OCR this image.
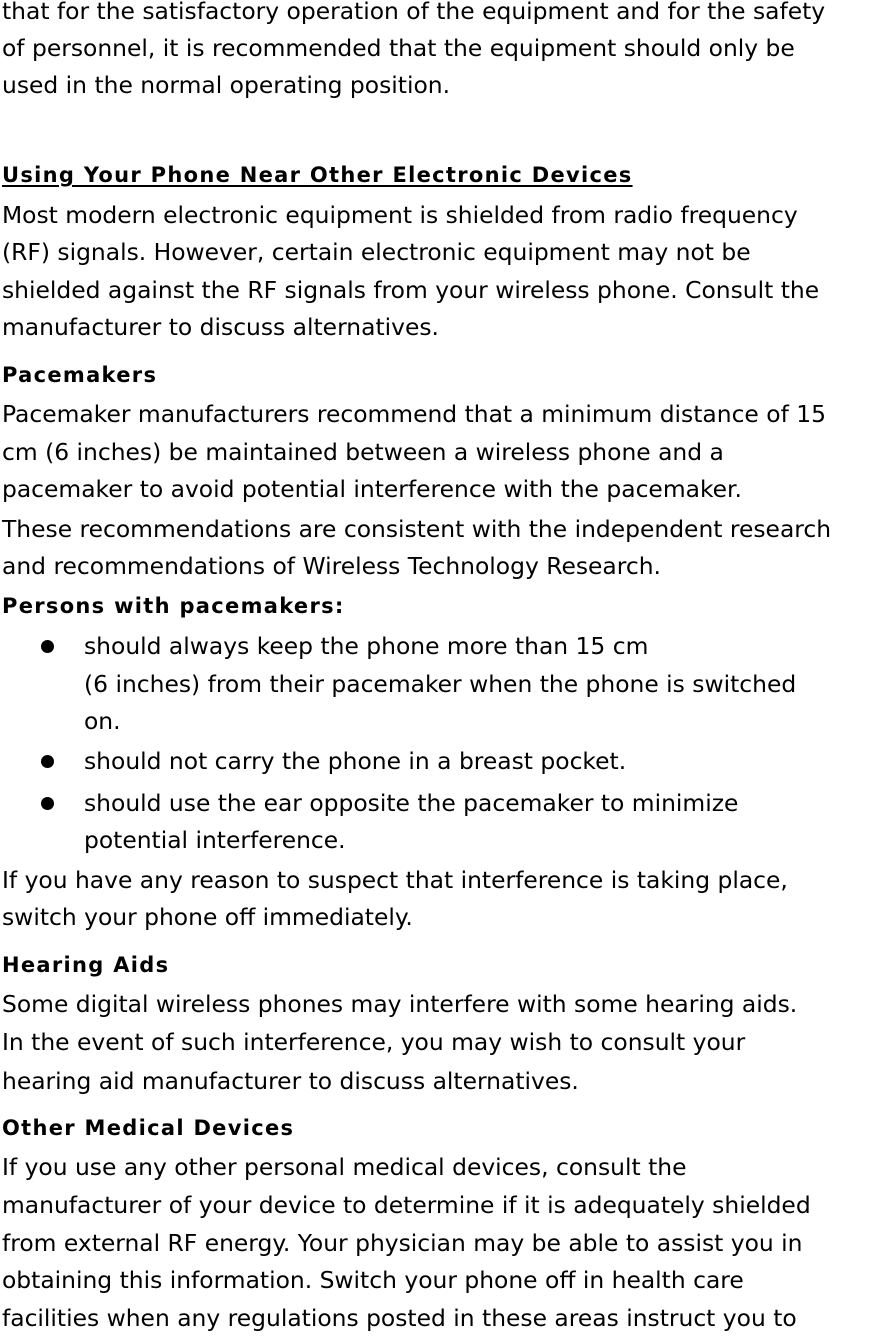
that for the satisfactory operation of the equipment and for the safety

of personnel, it is recommended that the equipment should only be

used in the normal operating position.

Using Your Phone Near Other Electronic Devices

Most modern electronic equipment is shielded from radio frequency

(RF) signals. However, certain electronic equipment may not be

shielded against the RF signals from your wireless phone. Consult the

manufacturer to discuss alternatives.

Pacemakers

Pacemaker manufacturers recommend that a minimum distance of 15

cm (6 inches) be maintained between a wireless phone and a

pacemaker to avoid potential interference with the pacemaker.

These recommendations are consistent with the independent research

and recommendations of Wireless Technology Research.

Persons with pacemakers:

should always keep the phone more than 15 cm

(6 inches) from their pacemaker when the phone is switched

on.

should not carry the phone in a breast pocket.

should use the ear opposite the pacemaker to minimize

potential interference.

If you have any reason to suspect that interference is taking place,

switch your phone off immediately.

Hearing Aids

Some digital wireless phones may interfere with some hearing aids.

In the event of such interference, you may wish to consult your

hearing aid manufacturer to discuss alternatives.

Other Medical Devices

If you use any other personal medical devices, consult the

manufacturer of your device to determine if it is adequately shielded

from external RF energy. Your physician may be able to assist you in

obtaining this information. Switch your phone off in health care

facilities when any regulations posted in these areas instruct you to
